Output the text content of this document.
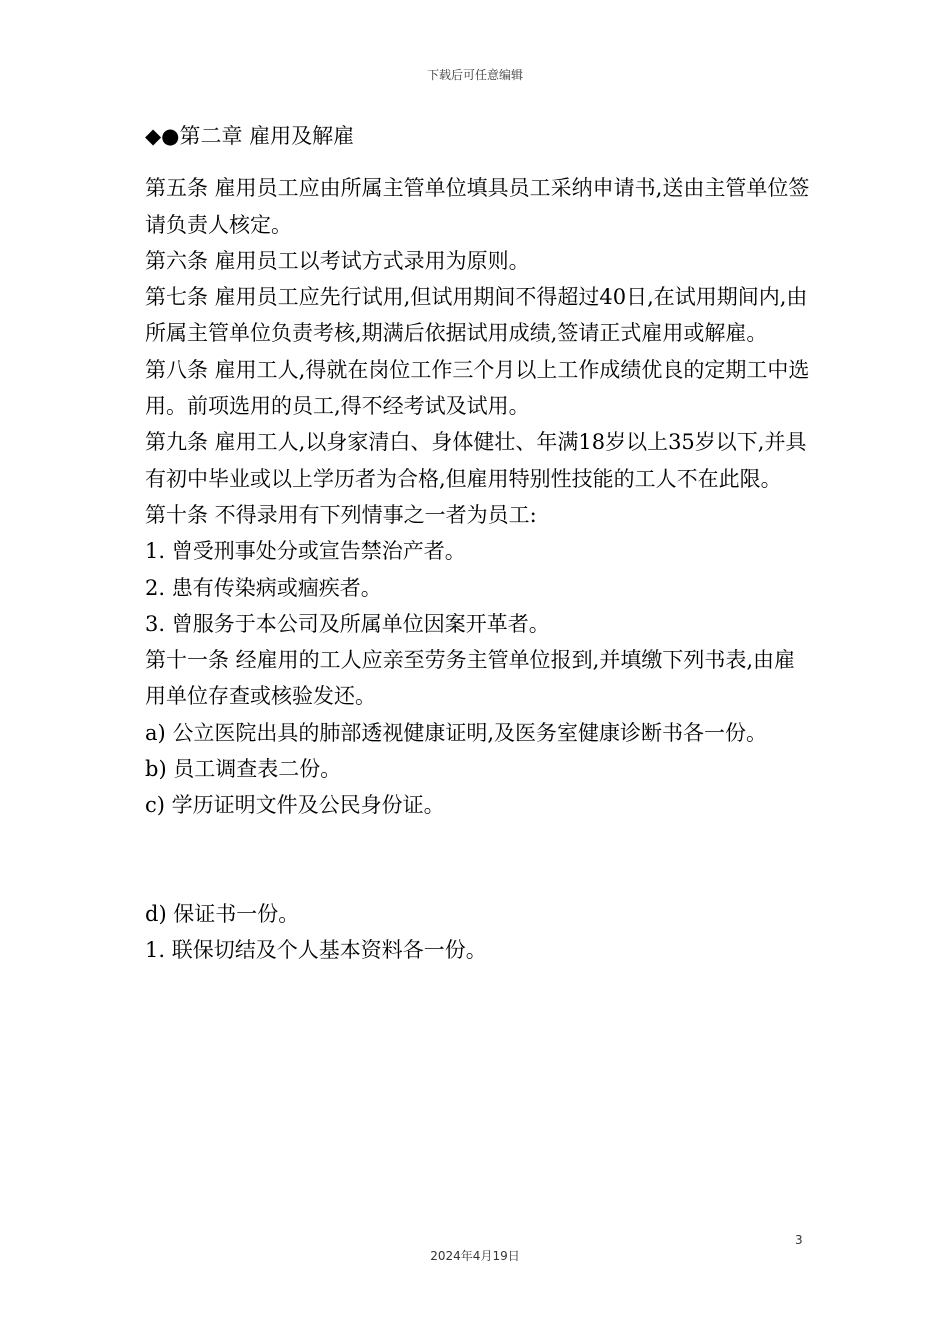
下载后可任意编辑

◆●第二章 雇用及解雇

第五条 雇用员工应由所属主管单位填具员工采纳申请书,送由主管单位签请负责人核定。

第六条 雇用员工以考试方式录用为原则。

第七条 雇用员工应先行试用,但试用期间不得超过40日,在试用期间内,由所属主管单位负责考核,期满后依据试用成绩,签请正式雇用或解雇。

第八条 雇用工人,得就在岗位工作三个月以上工作成绩优良的定期工中选用。前项选用的员工,得不经考试及试用。

第九条 雇用工人,以身家清白、身体健壮、年满18岁以上35岁以下,并具有初中毕业或以上学历者为合格,但雇用特别性技能的工人不在此限。

第十条 不得录用有下列情事之一者为员工:

1. 曾受刑事处分或宣告禁治产者。

2. 患有传染病或痼疾者。

3. 曾服务于本公司及所属单位因案开革者。

第十一条 经雇用的工人应亲至劳务主管单位报到,并填缴下列书表,由雇用单位存查或核验发还。

a) 公立医院出具的肺部透视健康证明,及医务室健康诊断书各一份。

b) 员工调查表二份。

c) 学历证明文件及公民身份证。

d) 保证书一份。

1. 联保切结及个人基本资料各一份。

3
2024年4月19日
